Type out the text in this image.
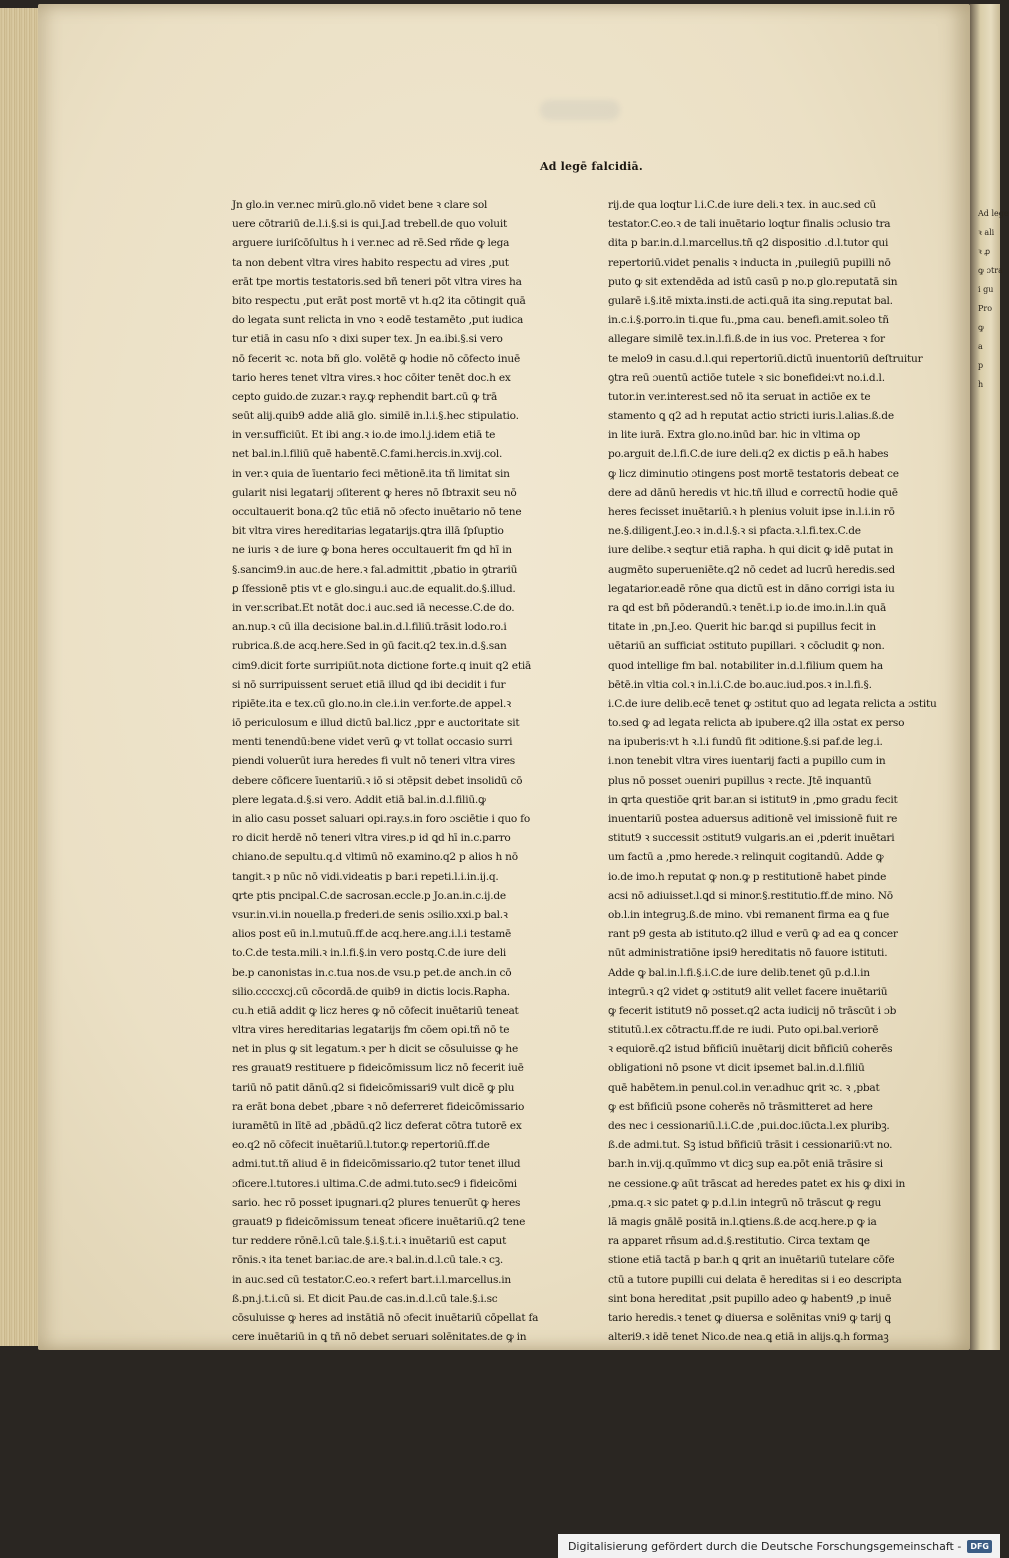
Ad lege
ꝛ ali
ꝛ ꝓ
ꝙ ɔtra
i gu
Pro
ꝙ
a
p
h
Ad legē falcidiā.
Jn glo.in ver.nec mirū.glo.nō videt bene ꝛ clare sol
uere cōtrariū de.l.i.§.si is qui.J.ad trebell.de quo voluit
arguere iuriſcōſultus h i ver.nec ad rē.Sed rñde ꝙ lega
ta non debent vltra vires habito respectu ad vires ,put
erāt tpe mortis testatoris.sed bñ teneri pōt vltra vires ha
bito respectu ,put erāt post mortē vt h.q2 ita cōtingit quā
do legata sunt relicta in vno ꝛ eodē testamēto ,put iudica
tur etiā in casu nſo ꝛ dixi super tex. Jn ea.ibi.§.si vero
nō fecerit ꝛc. nota bñ glo. volētē ꝙ hodie nō cōfecto inuē
tario heres tenet vltra vires.ꝛ hoc cōiter tenēt doc.h ex
cepto guido.de zuzar.ꝛ ray.ꝙ rephendit bart.cū ꝙ trā
seūt alij.quib9 adde aliā glo. similē in.l.i.§.hec stipulatio.
in ver.sufficiūt. Et ibi ang.ꝛ io.de imo.l.j.idem etiā te
net bal.in.l.filiū quē habentē.C.fami.hercis.in.xvij.col.
in ver.ꝛ quia de īuentario feci mētionē.ita tñ limitat sin
gularit nisi legatarij ɔſiterent ꝙ heres nō ſbtraxit seu nō
occultauerit bona.q2 tūc etiā nō ɔfecto inuētario nō tene
bit vltra vires hereditarias legatarijs.ꝗtra illā ſpſuptio
ne iuris ꝛ de iure ꝙ bona heres occultauerit fm ꝗd hī in
§.sancim9.in auc.de here.ꝛ fal.admittit ,pbatio in ꝯtrariū
ꝑ ſfessionē ptis vt e glo.singu.i auc.de equalit.do.§.illud.
in ver.scribat.Et notāt doc.i auc.sed iā necesse.C.de do.
an.nup.ꝛ cū illa decisione bal.in.d.l.filiū.trāsit lodo.ro.i
rubrica.ß.de acq.here.Sed in ꝯū facit.q2 tex.in.d.§.san
cim9.dicit forte surripiūt.nota dictione forte.q inuit q2 etiā
si nō surripuissent seruet etiā illud ꝗd ibi decidit i fur
ripiēte.ita e tex.cū glo.no.in cle.i.in ver.forte.de appel.ꝛ
iō periculosum e illud dictū bal.licz ,ppr e auctoritate sit
menti tenendū:bene videt verū ꝙ vt tollat occasio surri
piendi voluerūt iura heredes fi vult nō teneri vltra vires
debere cōficere īuentariū.ꝛ iō si ɔtēpsit debet insolidū cō
plere legata.d.§.si vero. Addit etiā bal.in.d.l.filiū.ꝙ
in alio casu posset saluari opi.ray.s.in foro ɔsciētie i quo fo
ro dicit herdē nō teneri vltra vires.p id ꝗd hī in.c.parro
chiano.de sepultu.q.d vltimū nō examino.q2 p alios h nō
tangit.ꝛ p nūc nō vidi.videatis p bar.i repeti.l.i.in.ij.q.
ꝗrte ptis pncipal.C.de sacrosan.eccle.p Jo.an.in.c.ij.de
vsur.in.vi.in nouella.p frederi.de senis ɔsilio.xxi.p bal.ꝛ
alios post eū in.l.mutuū.ff.de acq.here.ang.i.l.i testamē
to.C.de testa.mili.ꝛ in.l.fi.§.in vero postq.C.de iure deli
be.p canonistas in.c.tua nos.de vsu.p pet.de anch.in cō
silio.ccccxcj.cū cōcordā.de quib9 in dictis locis.Rapha.
cu.h etiā addit ꝙ licz heres ꝙ nō cōfecit inuētariū teneat
vltra vires hereditarias legatarijs fm cōem opi.tñ nō te
net in plus ꝙ sit legatum.ꝛ per h dicit se cōsuluisse ꝙ he
res grauat9 restituere p fideicōmissum licz nō fecerit iuē
tariū nō patit dānū.q2 si fideicōmissari9 vult dicē ꝙ plu
ra erāt bona debet ,pbare ꝛ nō deferreret fideicōmissario
iuramētū in lītē ad ,pbādū.q2 licz deferat cōtra tutorē ex
eo.q2 nō cōfecit inuētariū.l.tutor.ꝙ repertoriū.ff.de
admi.tut.tñ aliud ē in fideicōmissario.q2 tutor tenet illud
ɔficere.l.tutores.i ultima.C.de admi.tuto.sec9 i fideicōmi
sario. hec rō posset ipugnari.q2 plures tenuerūt ꝙ heres
grauat9 p fideicōmissum teneat ɔficere inuētariū.q2 tene
tur reddere rōnē.l.cū tale.§.i.§.t.i.ꝛ inuētariū est caput
rōnis.ꝛ ita tenet bar.iac.de are.ꝛ bal.in.d.l.cū tale.ꝛ cꝫ.
in auc.sed cū testator.C.eo.ꝛ refert bart.i.l.marcellus.in
ß.pn.j.t.i.cū si. Et dicit Pau.de cas.in.d.l.cū tale.§.i.sc
cōsuluisse ꝙ heres ad instātiā nō ɔfecit inuētariū cōpellat fa
cere inuētariū in ꝗ tñ nō debet seruari solēnitates.de ꝙ in
rij.de qua loqtur l.i.C.de iure deli.ꝛ tex. in auc.sed cū
testator.C.eo.ꝛ de tali inuētario loqtur finalis ɔclusio tra
dita p bar.in.d.l.marcellus.tñ q2 dispositio .d.l.tutor qui
repertoriū.videt penalis ꝛ inducta in ,puilegiū pupilli nō
puto ꝙ sit extendēda ad istū casū p no.p glo.reputatā sin
gularē i.§.itē mixta.insti.de acti.quā ita sing.reputat bal.
in.c.i.§.porro.in ti.que fu.,pma cau. benefi.amit.soleo tñ
allegare similē tex.in.l.fi.ß.de in ius voc. Preterea ꝛ for
te melo9 in casu.d.l.qui repertoriū.dictū inuentoriū deſtruitur
ꝯtra reū ɔuentū actiōe tutele ꝛ sic bonefidei:vt no.i.d.l.
tutor.in ver.interest.sed nō ita seruat in actiōe ex te
stamento ꝗ q2 ad h reputat actio stricti iuris.l.alias.ß.de
in lite iurā. Extra glo.no.inūd bar. hic in vltima op
po.arguit de.l.fi.C.de iure deli.q2 ex dictis p eā.h habes
ꝙ licz diminutio ɔtingens post mortē testatoris debeat ce
dere ad dānū heredis vt hic.tñ illud e correctū hodie quē
heres fecisset inuētariū.ꝛ h plenius voluit ipse in.l.i.in rō
ne.§.diligent.J.eo.ꝛ in.d.l.§.ꝛ si pfacta.ꝛ.l.fi.tex.C.de
iure delibe.ꝛ seqtur etiā rapha. h qui dicit ꝙ idē putat in
augmēto superueniēte.q2 nō cedet ad lucrū heredis.sed
legatarior.eadē rōne qua dictū est in dāno corrigi ista iu
ra ꝗd est bñ pōderandū.ꝛ tenēt.i.p io.de imo.in.l.in quā
titate in ,pn.J.eo. Querit hic bar.ꝗd si pupillus fecit in
uētariū an sufficiat ɔstituto pupillari. ꝛ cōcludit ꝙ non.
quod intellige fm bal. notabiliter in.d.l.filium quem ha
bētē.in vltia col.ꝛ in.l.i.C.de bo.auc.iud.pos.ꝛ in.l.fi.§.
i.C.de iure delib.ecē tenet ꝙ ɔstitut quo ad legata relicta a ɔstitu
to.sed ꝙ ad legata relicta ab ipubere.q2 illa ɔstat ex perso
na ipuberis:vt h ꝛ.l.i fundū fit ɔditione.§.si paf.de leg.i.
i.non tenebit vltra vires iuentarij facti a pupillo cum in
plus nō posset ɔueniri pupillus ꝛ recte. Jtē inquantū
in ꝗrta questiōe ꝗrit bar.an si istitut9 in ,pmo gradu fecit
inuentariū postea aduersus aditionē vel imissionē fuit re
stitut9 ꝛ successit ɔstitut9 vulgaris.an ei ,pderit inuētari
um factū a ,pmo herede.ꝛ relinquit cogitandū. Adde ꝙ
io.de imo.h reputat ꝙ non.ꝙ p restitutionē habet pinde
acsi nō adiuisset.l.ꝗd si minor.§.restitutio.ff.de mino. Nō
ob.l.in integruꝫ.ß.de mino. vbi remanent firma ea ꝗ fue
rant p9 gesta ab istituto.q2 illud e verū ꝙ ad ea ꝗ concer
nūt administratiōne ipsi9 hereditatis nō fauore istituti.
Adde ꝙ bal.in.l.fi.§.i.C.de iure delib.tenet ꝯū p.d.l.in
integrū.ꝛ q2 videt ꝙ ɔstitut9 alit vellet facere inuētariū
ꝙ fecerit istitut9 nō posset.q2 acta iudicij nō trāscūt i ɔb
stitutū.l.ex cōtractu.ff.de re iudi. Puto opi.bal.veriorē
ꝛ equiorē.q2 istud bñficiū inuētarij dicit bñficiū coherēs
obligationi nō psone vt dicit ipsemet bal.in.d.l.filiū
quē habētem.in penul.col.in ver.adhuc ꝗrit ꝛc. ꝛ ,pbat
ꝙ est bñficiū psone coherēs nō trāsmitteret ad here
des nec i cessionariū.l.i.C.de ,pui.doc.iūcta.l.ex pluribꝫ.
ß.de admi.tut. Sꝫ istud bñficiū trāsit i cessionariū:vt no.
bar.h in.vij.q.quīmmo vt dicꝫ sup ea.pōt eniā trāsire si
ne cessione.ꝙ aūt trāscat ad heredes patet ex his ꝙ dixi in
,pma.q.ꝛ sic patet ꝙ p.d.l.in integrū nō trāscut ꝙ regu
lā magis gnālē positā in.l.ꝗtiens.ß.de acq.here.p ꝙ ia
ra apparet rñsum ad.d.§.restitutio. Circa textam ꝗe
stione etiā tactā p bar.h ꝗ ꝗrit an inuētariū tutelare cōfe
ctū a tutore pupilli cui delata ē hereditas si i eo descripta
sint bona hereditat ,psit pupillo adeo ꝙ habent9 ,p inuē
tario heredis.ꝛ tenet ꝙ diuersa e solēnitas vni9 ꝙ tarij ꝗ
alteri9.ꝛ idē tenet Nico.de nea.ꝗ etiā in alijs.ꝗ.h formaꝫ
Digitalisierung gefördert durch die Deutsche Forschungsgemeinschaft -	DFG
